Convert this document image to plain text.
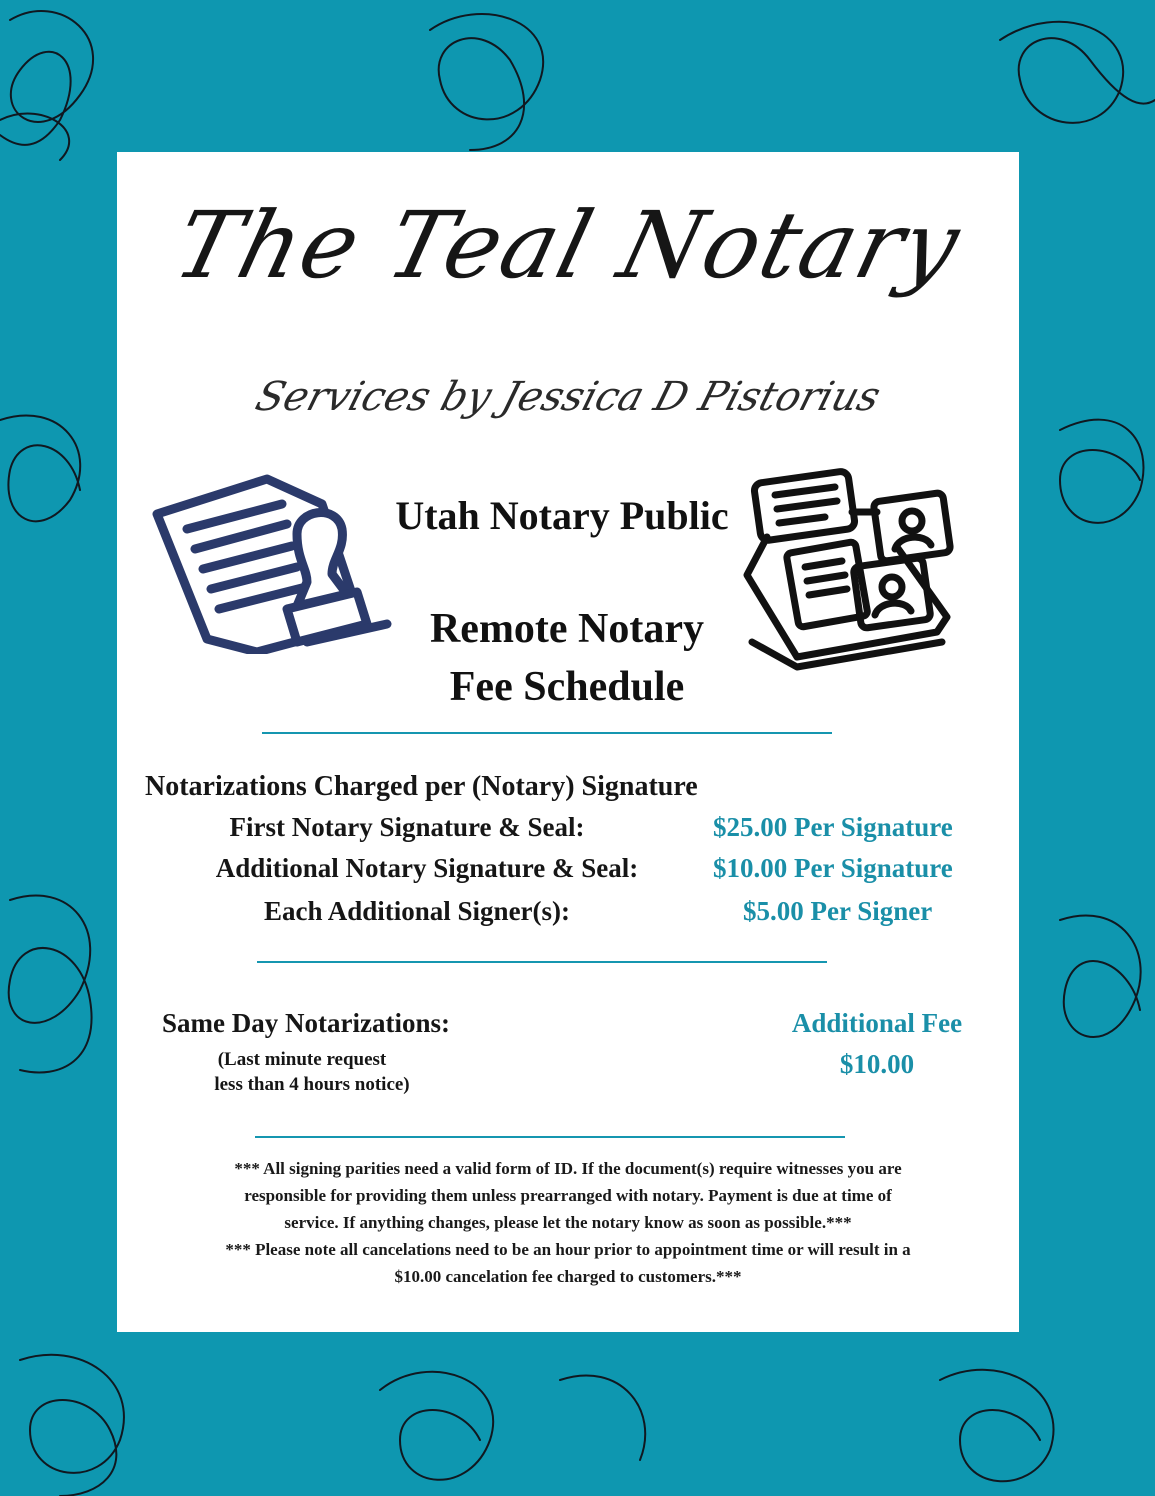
The Teal Notary
Services by Jessica D Pistorius
Utah Notary Public
Remote Notary
Fee Schedule
Notarizations Charged per (Notary) Signature
First Notary Signature & Seal:	$25.00 Per Signature
Additional Notary Signature & Seal:	$10.00 Per Signature
Each Additional Signer(s):	$5.00 Per Signer
Same Day Notarizations:
(Last minute request
less than 4 hours notice)
Additional Fee
$10.00
*** All signing parities need a valid form of ID. If the document(s) require witnesses you are
responsible for providing them unless prearranged with notary. Payment is due at time of
service. If anything changes, please let the notary know as soon as possible.***
*** Please note all cancelations need to be an hour prior to appointment time or will result in a
$10.00 cancelation fee charged to customers.***
